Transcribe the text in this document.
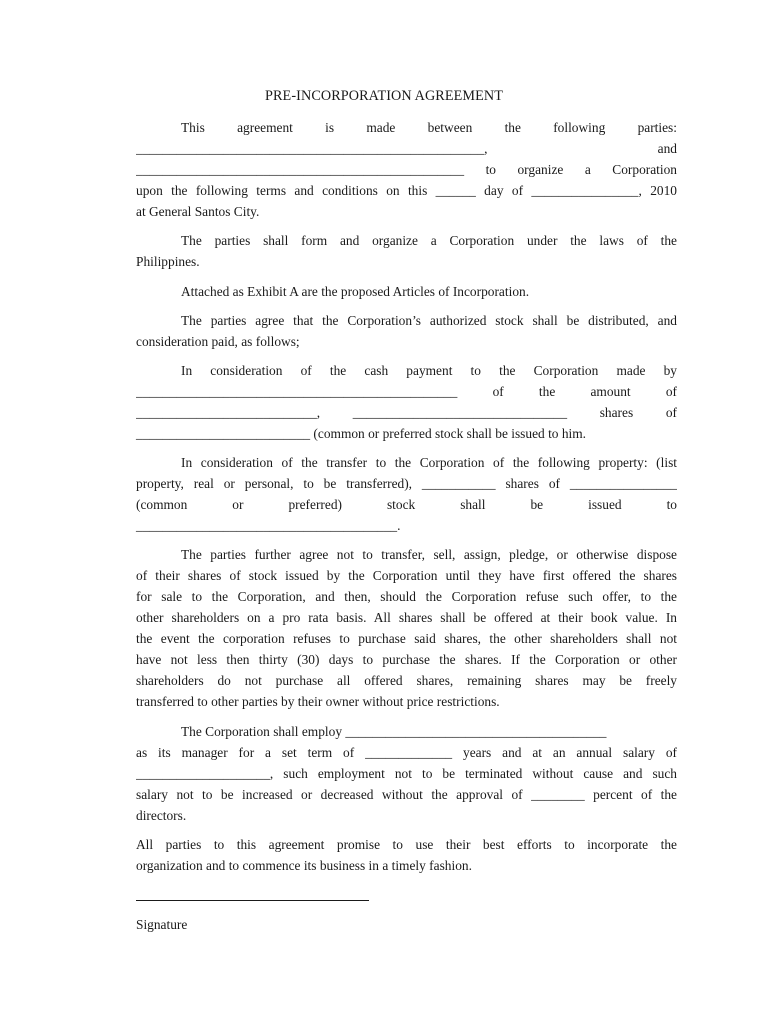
PRE-INCORPORATION AGREEMENT
This agreement is made between the following parties:
____________________________________________________, and
_________________________________________________ to organize a Corporation
upon the following terms and conditions on this ______ day of ________________, 2010
at General Santos City.
The parties shall form and organize a Corporation under the laws of the
Philippines.
Attached as Exhibit A are the proposed Articles of Incorporation.
The parties agree that the Corporation’s authorized stock shall be distributed, and
consideration paid, as follows;
In consideration of the cash payment to the Corporation made by
________________________________________________ of the amount of
___________________________, ________________________________ shares of
__________________________ (common or preferred stock shall be issued to him.
In consideration of the transfer to the Corporation of the following property: (list
property, real or personal, to be transferred), ___________ shares of ________________
(common or preferred) stock shall be issued to
_______________________________________.
The parties further agree not to transfer, sell, assign, pledge, or otherwise dispose
of their shares of stock issued by the Corporation until they have first offered the shares
for sale to the Corporation, and then, should the Corporation refuse such offer, to the
other shareholders on a pro rata basis. All shares shall be offered at their book value. In
the event the corporation refuses to purchase said shares, the other shareholders shall not
have not less then thirty (30) days to purchase the shares. If the Corporation or other
shareholders do not purchase all offered shares, remaining shares may be freely
transferred to other parties by their owner without price restrictions.
The Corporation shall employ _______________________________________
as its manager for a set term of _____________ years and at an annual salary of
____________________, such employment not to be terminated without cause and such
salary not to be increased or decreased without the approval of ________ percent of the
directors.
All parties to this agreement promise to use their best efforts to incorporate the
organization and to commence its business in a timely fashion.
Signature
